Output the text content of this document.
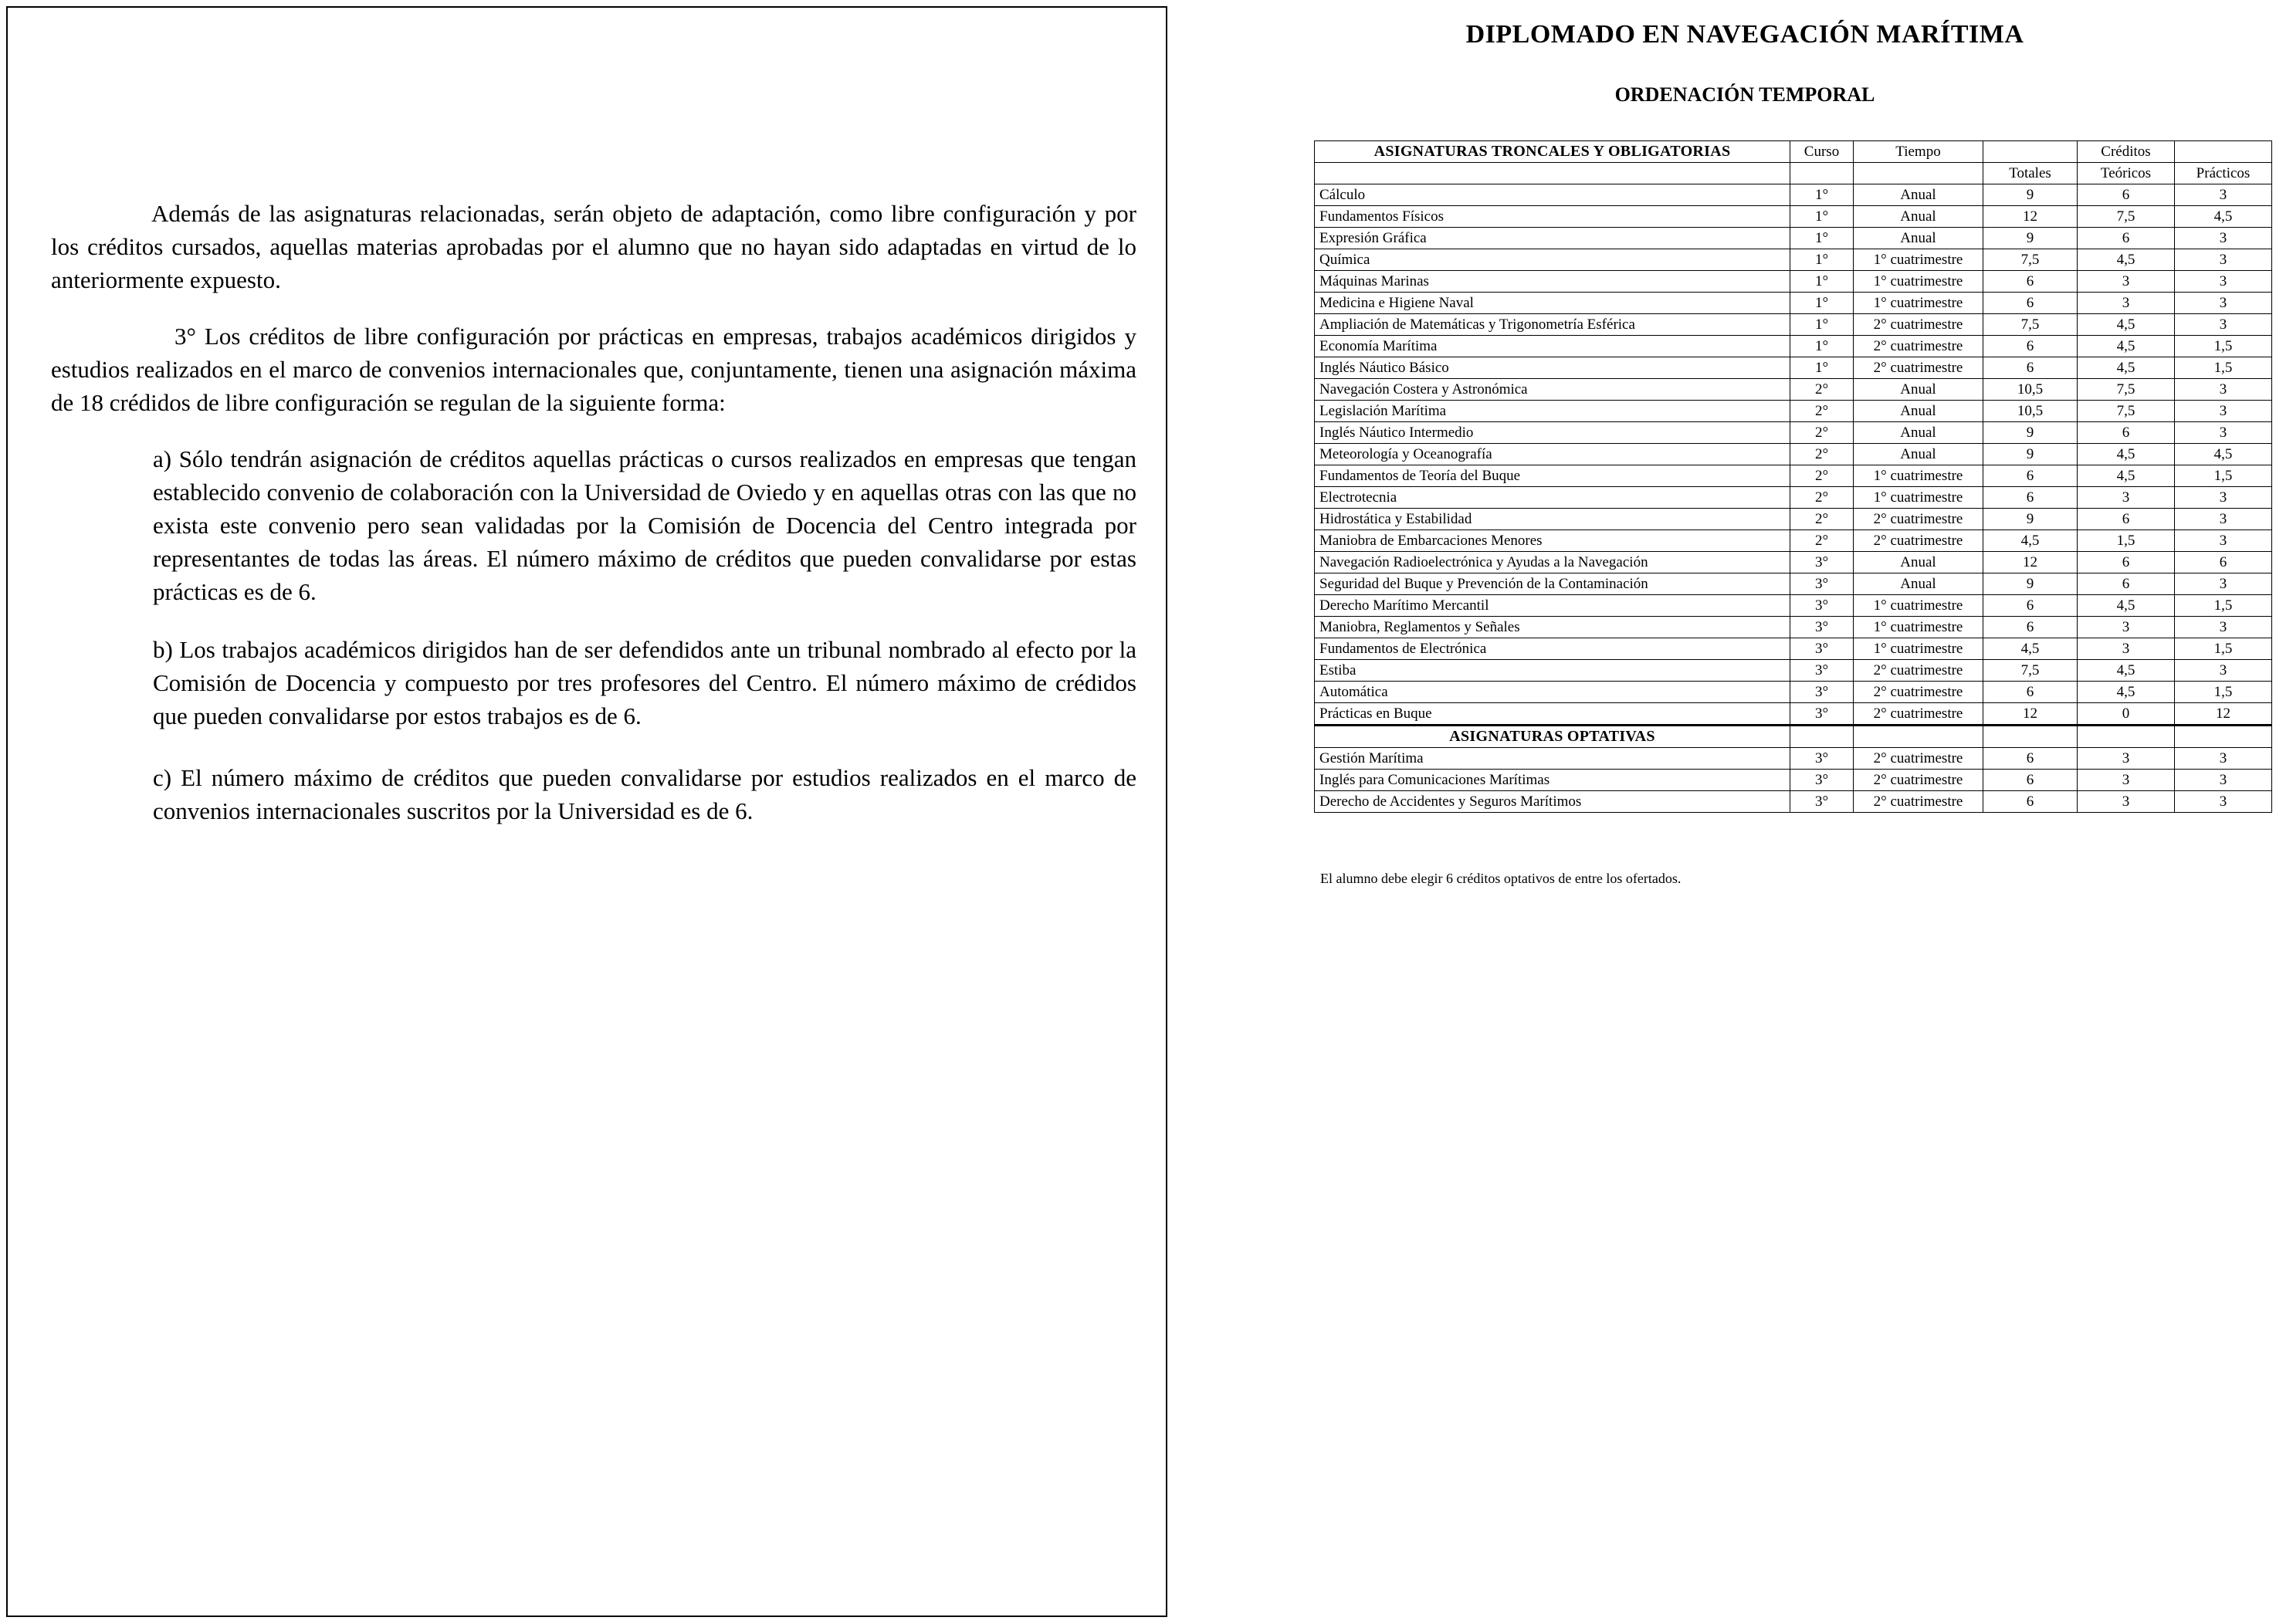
Además de las asignaturas relacionadas, serán objeto de adaptación, como libre configuración y por los créditos cursados, aquellas materias aprobadas por el alumno que no hayan sido adaptadas en virtud de lo anteriormente expuesto.

3° Los créditos de libre configuración por prácticas en empresas, trabajos académicos dirigidos y estudios realizados en el marco de convenios internacionales que, conjuntamente, tienen una asignación máxima de 18 crédidos de libre configuración se regulan de la siguiente forma:

a) Sólo tendrán asignación de créditos aquellas prácticas o cursos realizados en empresas que tengan establecido convenio de colaboración con la Universidad de Oviedo y en aquellas otras con las que no exista este convenio pero sean validadas por la Comisión de Docencia del Centro integrada por representantes de todas las áreas. El número máximo de créditos que pueden convalidarse por estas prácticas es de 6.

b) Los trabajos académicos dirigidos han de ser defendidos ante un tribunal nombrado al efecto por la Comisión de Docencia y compuesto por tres profesores del Centro. El número máximo de crédidos que pueden convalidarse por estos trabajos es de 6.

c) El número máximo de créditos que pueden convalidarse por estudios realizados en el marco de convenios internacionales suscritos por la Universidad es de 6.

DIPLOMADO EN NAVEGACIÓN MARÍTIMA
ORDENACIÓN TEMPORAL
ASIGNATURAS TRONCALES Y OBLIGATORIAS	Curso	Tiempo		Créditos	
			Totales	Teóricos	Prácticos
Cálculo	1°	Anual	9	6	3
Fundamentos Físicos	1°	Anual	12	7,5	4,5
Expresión Gráfica	1°	Anual	9	6	3
Química	1°	1° cuatrimestre	7,5	4,5	3
Máquinas Marinas	1°	1° cuatrimestre	6	3	3
Medicina e Higiene Naval	1°	1° cuatrimestre	6	3	3
Ampliación de Matemáticas y Trigonometría Esférica	1°	2° cuatrimestre	7,5	4,5	3
Economía Marítima	1°	2° cuatrimestre	6	4,5	1,5
Inglés Náutico Básico	1°	2° cuatrimestre	6	4,5	1,5
Navegación Costera y Astronómica	2°	Anual	10,5	7,5	3
Legislación Marítima	2°	Anual	10,5	7,5	3
Inglés Náutico Intermedio	2°	Anual	9	6	3
Meteorología y Oceanografía	2°	Anual	9	4,5	4,5
Fundamentos de Teoría del Buque	2°	1° cuatrimestre	6	4,5	1,5
Electrotecnia	2°	1° cuatrimestre	6	3	3
Hidrostática y Estabilidad	2°	2° cuatrimestre	9	6	3
Maniobra de Embarcaciones Menores	2°	2° cuatrimestre	4,5	1,5	3
Navegación Radioelectrónica y Ayudas a la Navegación	3°	Anual	12	6	6
Seguridad del Buque y Prevención de la Contaminación	3°	Anual	9	6	3
Derecho Marítimo Mercantil	3°	1° cuatrimestre	6	4,5	1,5
Maniobra, Reglamentos y Señales	3°	1° cuatrimestre	6	3	3
Fundamentos de Electrónica	3°	1° cuatrimestre	4,5	3	1,5
Estiba	3°	2° cuatrimestre	7,5	4,5	3
Automática	3°	2° cuatrimestre	6	4,5	1,5
Prácticas en Buque	3°	2° cuatrimestre	12	0	12
ASIGNATURAS OPTATIVAS					
Gestión Marítima	3°	2° cuatrimestre	6	3	3
Inglés para Comunicaciones Marítimas	3°	2° cuatrimestre	6	3	3
Derecho de Accidentes y Seguros Marítimos	3°	2° cuatrimestre	6	3	3
El alumno debe elegir 6 créditos optativos de entre los ofertados.
